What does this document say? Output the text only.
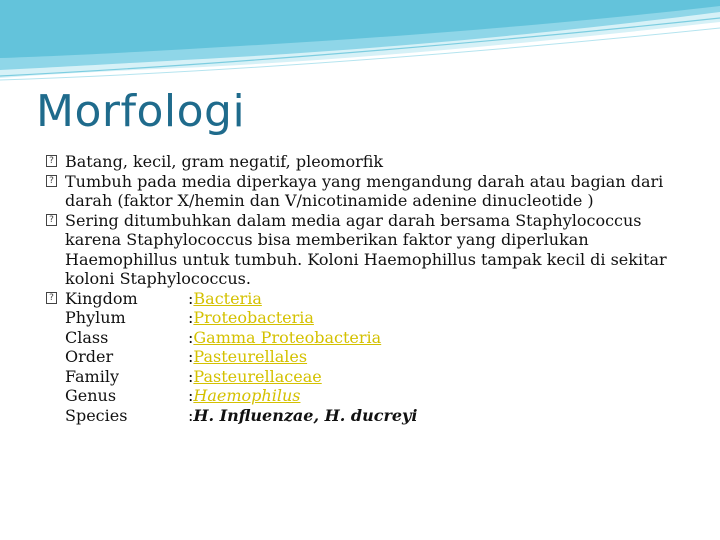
Morfologi
? Batang, kecil, gram negatif, pleomorfik
? Tumbuh pada media diperkaya yang mengandung darah atau bagian dari darah (faktor X/hemin dan V/nicotinamide adenine dinucleotide )
? Sering ditumbuhkan dalam media agar darah bersama Staphylococcus karena Staphylococcus bisa memberikan faktor yang diperlukan Haemophillus untuk tumbuh. Koloni Haemophillus tampak kecil di sekitar koloni Staphylococcus.
? Kingdom	: Bacteria
Phylum	: Proteobacteria
Class	: Gamma Proteobacteria
Order	: Pasteurellales
Family	: Pasteurellaceae
Genus	: Haemophilus
Species	: H. Influenzae, H. ducreyi
